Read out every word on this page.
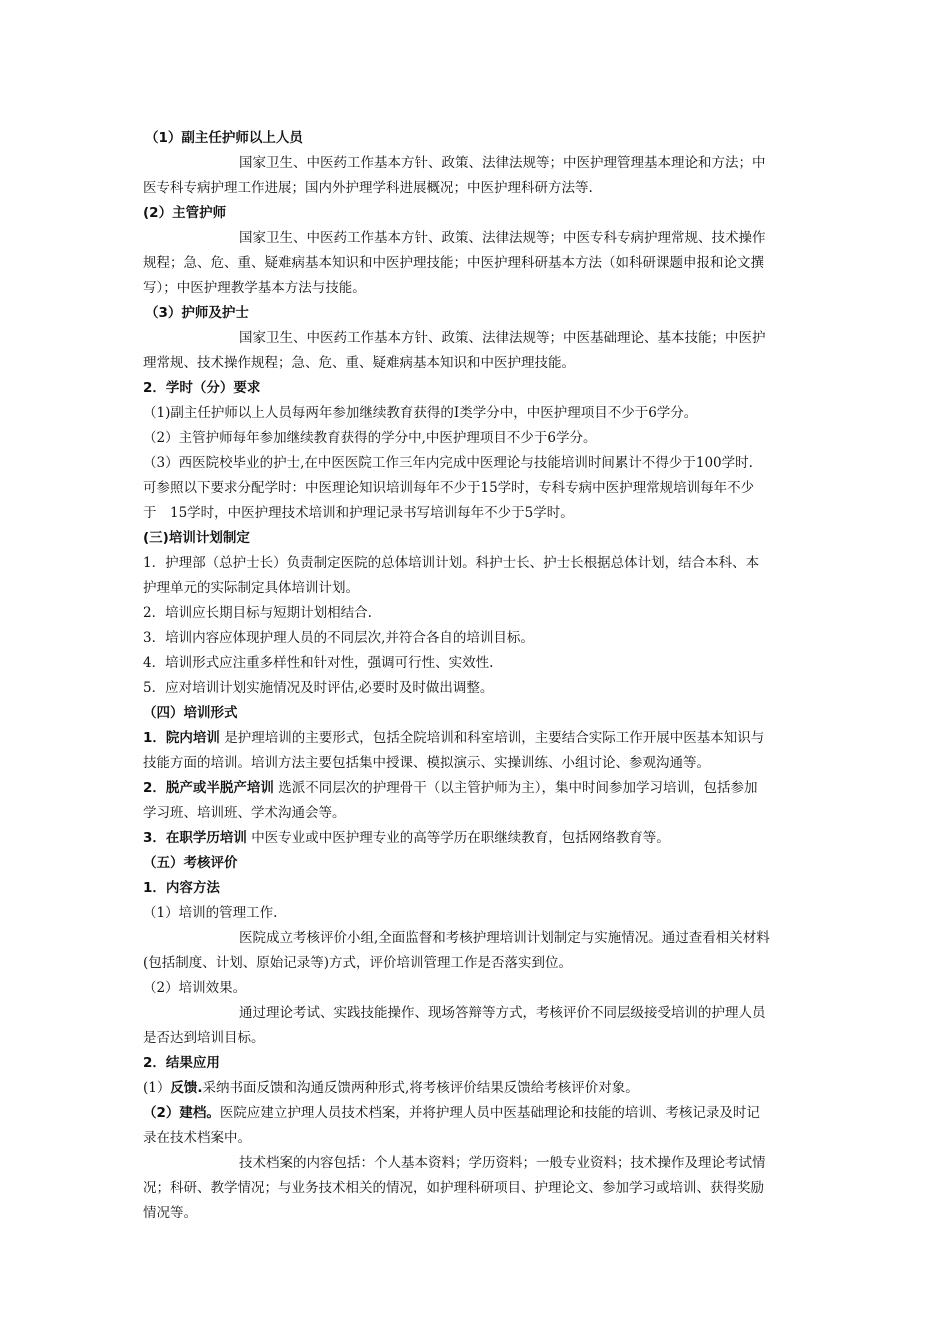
（1）副主任护师以上人员
国家卫生、中医药工作基本方针、政策、法律法规等；中医护理管理基本理论和方法；中
医专科专病护理工作进展；国内外护理学科进展概况；中医护理科研方法等.
(2）主管护师
国家卫生、中医药工作基本方针、政策、法律法规等；中医专科专病护理常规、技术操作
规程；急、危、重、疑难病基本知识和中医护理技能；中医护理科研基本方法（如科研课题申报和论文撰
写）；中医护理教学基本方法与技能。
（3）护师及护士
国家卫生、中医药工作基本方针、政策、法律法规等；中医基础理论、基本技能；中医护
理常规、技术操作规程；急、危、重、疑难病基本知识和中医护理技能。
2．学时（分）要求
（1)副主任护师以上人员每两年参加继续教育获得的Ⅰ类学分中，中医护理项目不少于6学分。
（2）主管护师每年参加继续教育获得的学分中,中医护理项目不少于6学分。
（3）西医院校毕业的护士,在中医医院工作三年内完成中医理论与技能培训时间累计不得少于100学时.
可参照以下要求分配学时：中医理论知识培训每年不少于15学时，专科专病中医护理常规培训每年不少
于　15学时，中医护理技术培训和护理记录书写培训每年不少于5学时。
(三)培训计划制定
1．护理部（总护士长）负责制定医院的总体培训计划。科护士长、护士长根据总体计划，结合本科、本
护理单元的实际制定具体培训计划。
2．培训应长期目标与短期计划相结合.
3．培训内容应体现护理人员的不同层次,并符合各自的培训目标。
4．培训形式应注重多样性和针对性，强调可行性、实效性.
5．应对培训计划实施情况及时评估,必要时及时做出调整。
（四）培训形式
1．院内培训 是护理培训的主要形式，包括全院培训和科室培训，主要结合实际工作开展中医基本知识与
技能方面的培训。培训方法主要包括集中授课、模拟演示、实操训练、小组讨论、参观沟通等。
2．脱产或半脱产培训 选派不同层次的护理骨干（以主管护师为主），集中时间参加学习培训，包括参加
学习班、培训班、学术沟通会等。
3．在职学历培训 中医专业或中医护理专业的高等学历在职继续教育，包括网络教育等。
（五）考核评价
1．内容方法
（1）培训的管理工作.
医院成立考核评价小组,全面监督和考核护理培训计划制定与实施情况。通过查看相关材料
(包括制度、计划、原始记录等)方式，评价培训管理工作是否落实到位。
（2）培训效果。
通过理论考试、实践技能操作、现场答辩等方式，考核评价不同层级接受培训的护理人员
是否达到培训目标。
2．结果应用
(1）反馈.采纳书面反馈和沟通反馈两种形式,将考核评价结果反馈给考核评价对象。
（2）建档。医院应建立护理人员技术档案，并将护理人员中医基础理论和技能的培训、考核记录及时记
录在技术档案中。
技术档案的内容包括：个人基本资料；学历资料；一般专业资料；技术操作及理论考试情
况；科研、教学情况；与业务技术相关的情况，如护理科研项目、护理论文、参加学习或培训、获得奖励
情况等。
